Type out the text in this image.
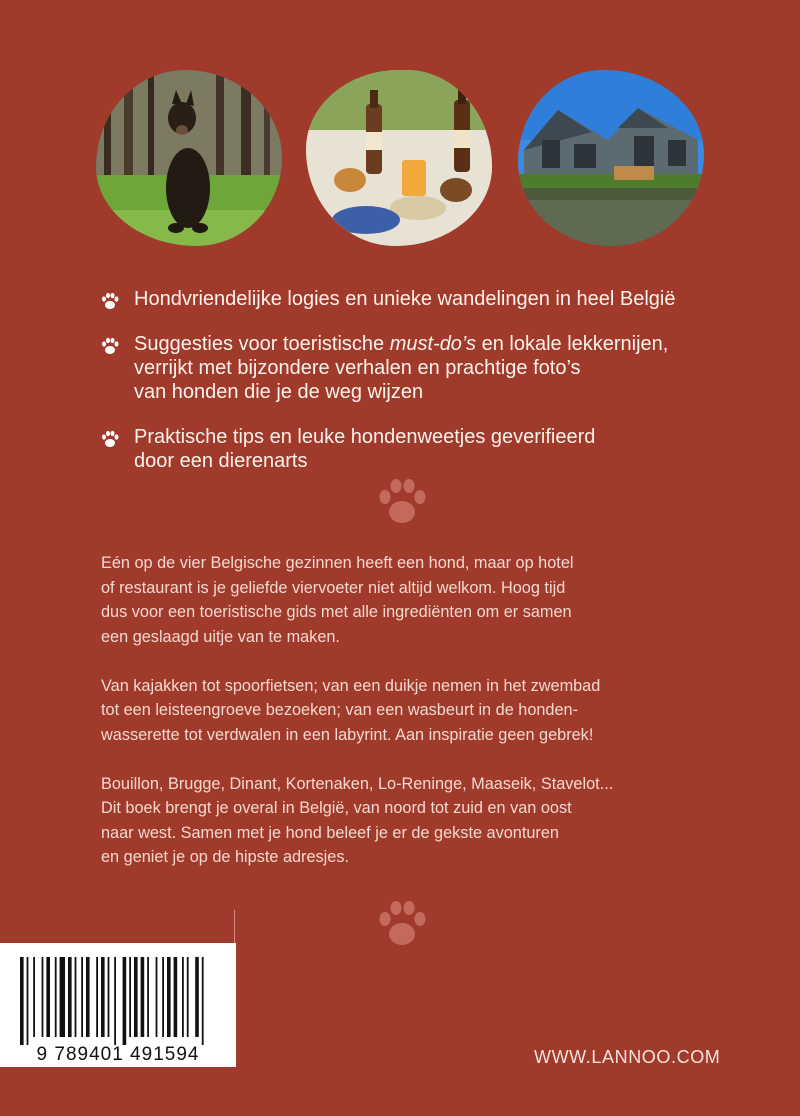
Hondvriendelijke logies en unieke wandelingen in heel België
Suggesties voor toeristische must-do’s en lokale lekkernijen,
verrijkt met bijzondere verhalen en prachtige foto’s
van honden die je de weg wijzen
Praktische tips en leuke hondenweetjes geverifieerd
door een dierenarts

Eén op de vier Belgische gezinnen heeft een hond, maar op hotel
of restaurant is je geliefde viervoeter niet altijd welkom. Hoog tijd
dus voor een toeristische gids met alle ingrediënten om er samen
een geslaagd uitje van te maken.

Van kajakken tot spoorfietsen; van een duikje nemen in het zwembad
tot een leisteengroeve bezoeken; van een wasbeurt in de honden-
wasserette tot verdwalen in een labyrint. Aan inspiratie geen gebrek!

Bouillon, Brugge, Dinant, Kortenaken, Lo-Reninge, Maaseik, Stavelot...
Dit boek brengt je overal in België, van noord tot zuid en van oost
naar west. Samen met je hond beleef je er de gekste avonturen
en geniet je op de hipste adresjes.

9 789401 491594	WWW.LANNOO.COM
